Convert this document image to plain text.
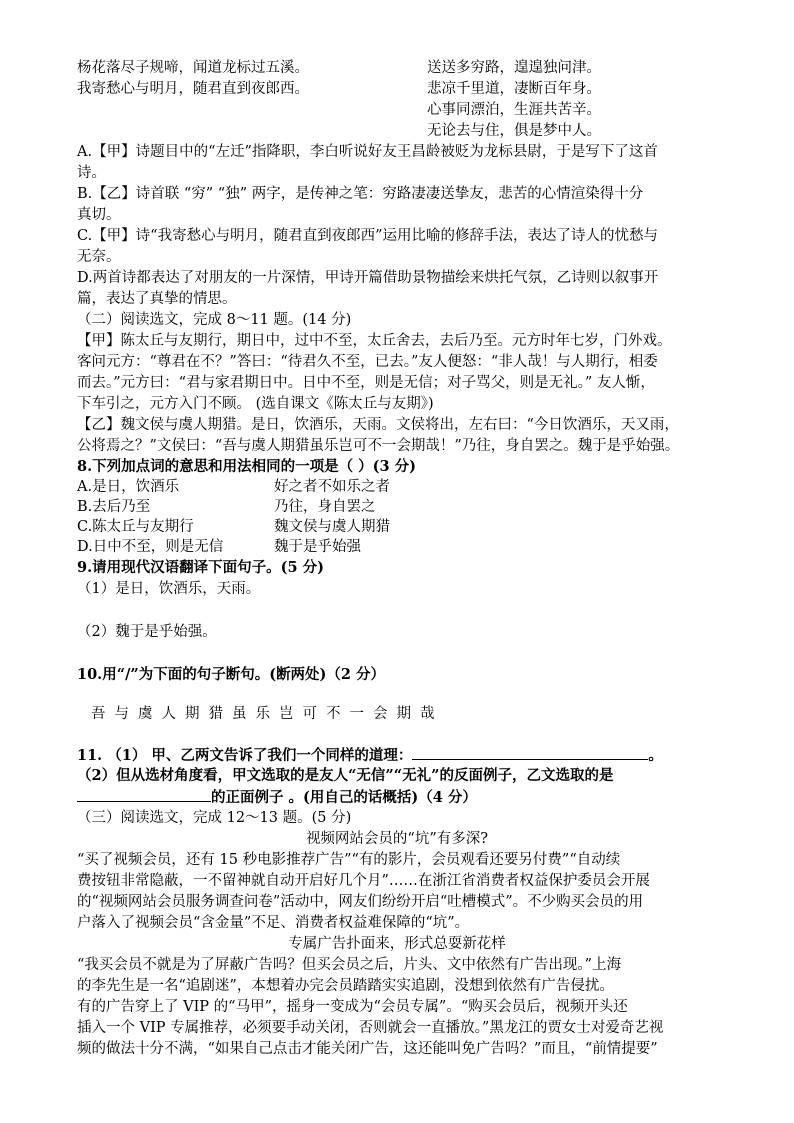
杨花落尽子规啼，闻道龙标过五溪。
我寄愁心与明月，随君直到夜郎西。
送送多穷路，遑遑独问津。
悲凉千里道，凄断百年身。
心事同漂泊，生涯共苦辛。
无论去与住，俱是梦中人。
A.【甲】诗题目中的“左迁”指降职，李白听说好友王昌龄被贬为龙标县尉，于是写下了这首
诗。
B.【乙】诗首联 “穷” “独” 两字，是传神之笔：穷路凄凄送挚友，悲苦的心情渲染得十分
真切。
C.【甲】诗“我寄愁心与明月，随君直到夜郎西”运用比喻的修辞手法，表达了诗人的忧愁与
无奈。
D.两首诗都表达了对朋友的一片深情，甲诗开篇借助景物描绘来烘托气氛，乙诗则以叙事开
篇，表达了真挚的情思。
（二）阅读选文，完成 8～11 题。(14 分)
【甲】陈太丘与友期行，期日中，过中不至，太丘舍去，去后乃至。元方时年七岁，门外戏。
客问元方：“尊君在不？”答曰：“待君久不至，已去。”友人便怒：“非人哉！与人期行，相委
而去。”元方曰：“君与家君期日中。日中不至，则是无信；对子骂父，则是无礼。” 友人惭，
下车引之，元方入门不顾。 (选自课文《陈太丘与友期》)
【乙】魏文侯与虞人期猎。是日，饮酒乐，天雨。文侯将出，左右曰：“今日饮酒乐，天又雨，
公将焉之？”文侯曰：“吾与虞人期猎虽乐岂可不一会期哉！”乃往，身自罢之。魏于是乎始强。
8.下列加点词的意思和用法相同的一项是（ ）(3 分)
A.是日，饮酒乐	好之者不如乐之者
B.去后乃至	乃往，身自罢之
C.陈太丘与友期行	魏文侯与虞人期猎
D.日中不至，则是无信	魏于是乎始强
9.请用现代汉语翻译下面句子。(5 分)
（1）是日，饮酒乐，天雨。
（2）魏于是乎始强。
10.用“/”为下面的句子断句。(断两处)（2 分）
吾与虞人期猎虽乐岂可不一会期哉
11. （1） 甲、乙两文告诉了我们一个同样的道理：	。
（2）但从选材角度看，甲文选取的是友人“无信”“无礼”的反面例子，乙文选取的是
的正面例子 。(用自己的话概括)（4 分）
（三）阅读选文，完成 12～13 题。(5 分)
视频网站会员的“坑”有多深?
“买了视频会员，还有 15 秒电影推荐广告”“有的影片，会员观看还要另付费”“自动续
费按钮非常隐蔽，一不留神就自动开启好几个月”……在浙江省消费者权益保护委员会开展
的“视频网站会员服务调查问卷”活动中，网友们纷纷开启“吐槽模式”。不少购买会员的用
户落入了视频会员“含金量”不足、消费者权益难保障的“坑”。
专属广告扑面来，形式总耍新花样
“我买会员不就是为了屏蔽广告吗？但买会员之后，片头、文中依然有广告出现。”上海
的李先生是一名“追剧迷”，本想着办完会员踏踏实实追剧，没想到依然有广告侵扰。
有的广告穿上了 VIP 的“马甲”，摇身一变成为“会员专属”。“购买会员后，视频开头还
插入一个 VIP 专属推荐，必须要手动关闭，否则就会一直播放。”黑龙江的贾女士对爱奇艺视
频的做法十分不满，“如果自己点击才能关闭广告，这还能叫免广告吗？”而且，“前情提要”
